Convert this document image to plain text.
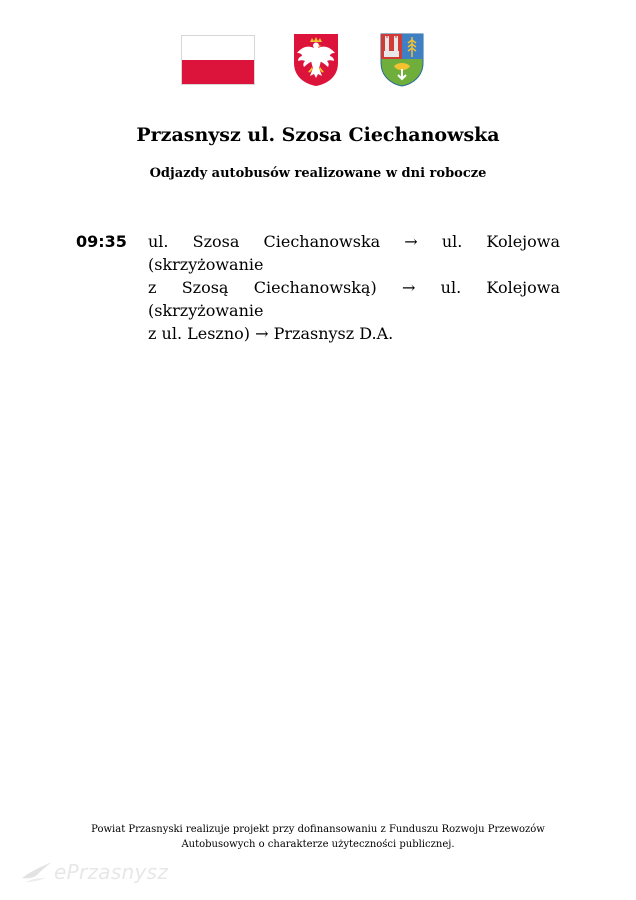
Przasnysz ul. Szosa Ciechanowska
Odjazdy autobusów realizowane w dni robocze
09:35	ul. Szosa Ciechanowska → ul. Kolejowa
(skrzyżowanie
z Szosą Ciechanowską) → ul. Kolejowa
(skrzyżowanie
z ul. Leszno) → Przasnysz D.A.
Powiat Przasnyski realizuje projekt przy dofinansowaniu z Funduszu Rozwoju Przewozów
Autobusowych o charakterze użyteczności publicznej.
ePrzasnysz
